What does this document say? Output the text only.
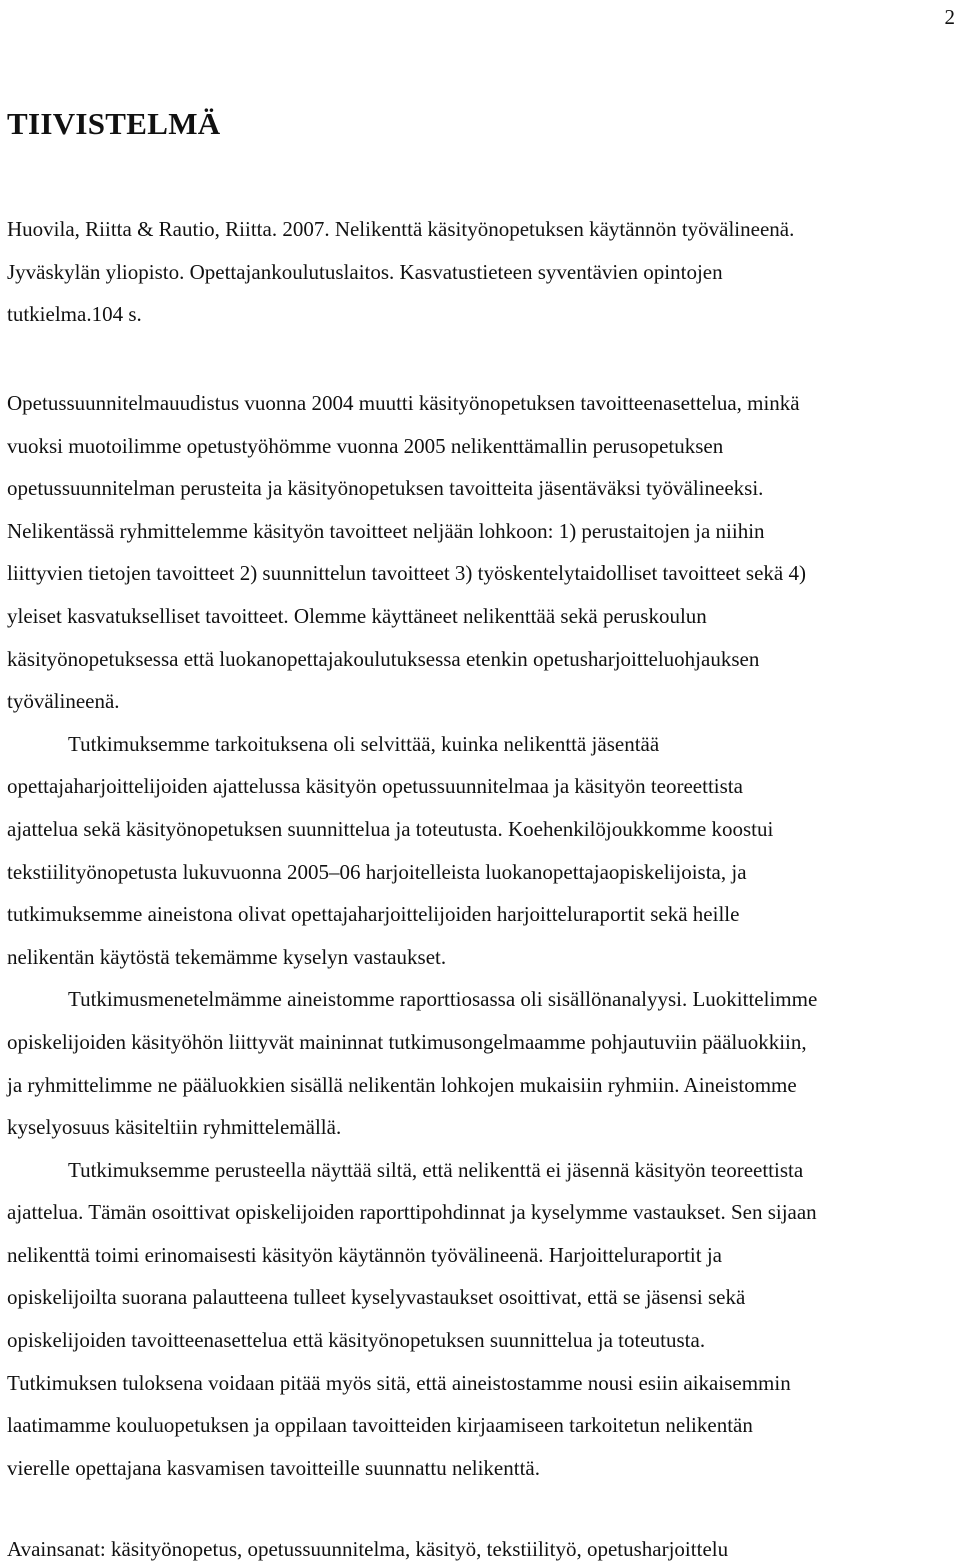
2
TIIVISTELMÄ
Huovila, Riitta & Rautio, Riitta. 2007. Nelikenttä käsityönopetuksen käytännön työvälineenä.
Jyväskylän yliopisto. Opettajankoulutuslaitos. Kasvatustieteen syventävien opintojen
tutkielma.104 s.
Opetussuunnitelmauudistus vuonna 2004 muutti käsityönopetuksen tavoitteenasettelua, minkä
vuoksi muotoilimme opetustyöhömme vuonna 2005 nelikenttämallin perusopetuksen
opetussuunnitelman perusteita ja käsityönopetuksen tavoitteita jäsentäväksi työvälineeksi.
Nelikentässä ryhmittelemme käsityön tavoitteet neljään lohkoon: 1) perustaitojen ja niihin
liittyvien tietojen tavoitteet 2) suunnittelun tavoitteet 3) työskentelytaidolliset tavoitteet sekä 4)
yleiset kasvatukselliset tavoitteet. Olemme käyttäneet nelikenttää sekä peruskoulun
käsityönopetuksessa että luokanopettajakoulutuksessa etenkin opetusharjoitteluohjauksen
työvälineenä.
Tutkimuksemme tarkoituksena oli selvittää, kuinka nelikenttä jäsentää
opettajaharjoittelijoiden ajattelussa käsityön opetussuunnitelmaa ja käsityön teoreettista
ajattelua sekä käsityönopetuksen suunnittelua ja toteutusta. Koehenkilöjoukkomme koostui
tekstiilityönopetusta lukuvuonna 2005–06 harjoitelleista luokanopettajaopiskelijoista, ja
tutkimuksemme aineistona olivat opettajaharjoittelijoiden harjoitteluraportit sekä heille
nelikentän käytöstä tekemämme kyselyn vastaukset.
Tutkimusmenetelmämme aineistomme raporttiosassa oli sisällönanalyysi. Luokittelimme
opiskelijoiden käsityöhön liittyvät maininnat tutkimusongelmaamme pohjautuviin pääluokkiin,
ja ryhmittelimme ne pääluokkien sisällä nelikentän lohkojen mukaisiin ryhmiin. Aineistomme
kyselyosuus käsiteltiin ryhmittelemällä.
Tutkimuksemme perusteella näyttää siltä, että nelikenttä ei jäsennä käsityön teoreettista
ajattelua. Tämän osoittivat opiskelijoiden raporttipohdinnat ja kyselymme vastaukset. Sen sijaan
nelikenttä toimi erinomaisesti käsityön käytännön työvälineenä. Harjoitteluraportit ja
opiskelijoilta suorana palautteena tulleet kyselyvastaukset osoittivat, että se jäsensi sekä
opiskelijoiden tavoitteenasettelua että käsityönopetuksen suunnittelua ja toteutusta.
Tutkimuksen tuloksena voidaan pitää myös sitä, että aineistostamme nousi esiin aikaisemmin
laatimamme kouluopetuksen ja oppilaan tavoitteiden kirjaamiseen tarkoitetun nelikentän
vierelle opettajana kasvamisen tavoitteille suunnattu nelikenttä.
Avainsanat: käsityönopetus, opetussuunnitelma, käsityö, tekstiilityö, opetusharjoittelu
